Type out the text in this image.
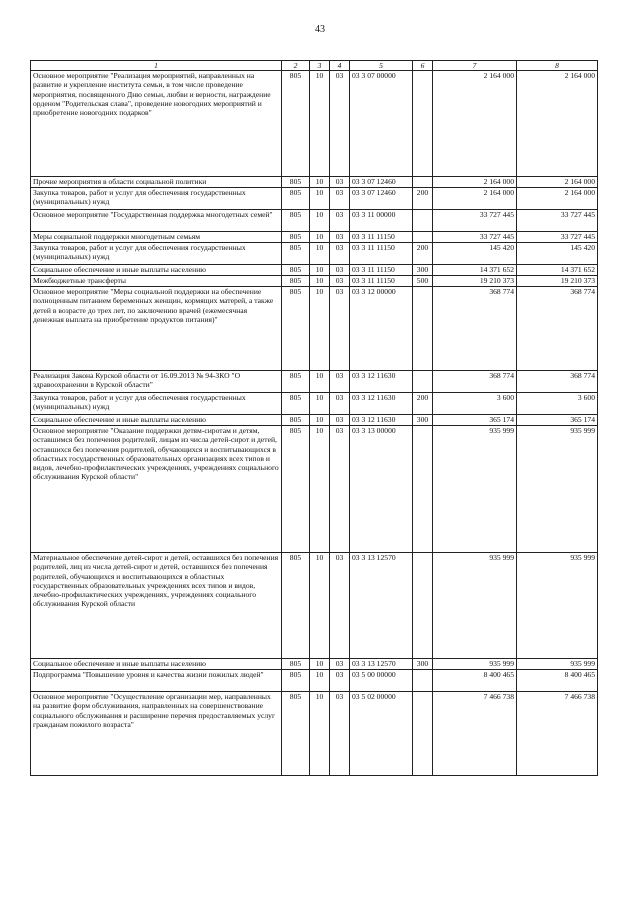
43
1	2	3	4	5	6	7	8
Основное мероприятие "Реализация мероприятий, направленных на развитие и укрепление института семьи, в том числе проведение мероприятия, посвященного Дню семьи, любви и верности, награждение орденом "Родительская слава", проведение новогодних мероприятий и приобретение новогодних подарков"	805	10	03	03 3 07 00000		2 164 000	2 164 000
Прочие мероприятия в области социальной политики	805	10	03	03 3 07 12460		2 164 000	2 164 000
Закупка товаров, работ и услуг для обеспечения государственных (муниципальных) нужд	805	10	03	03 3 07 12460	200	2 164 000	2 164 000
Основное мероприятие "Государственная поддержка многодетных семей"	805	10	03	03 3 11 00000		33 727 445	33 727 445
Меры социальной поддержки многодетным семьям	805	10	03	03 3 11 11150		33 727 445	33 727 445
Закупка товаров, работ и услуг для обеспечения государственных (муниципальных) нужд	805	10	03	03 3 11 11150	200	145 420	145 420
Социальное обеспечение и иные выплаты населению	805	10	03	03 3 11 11150	300	14 371 652	14 371 652
Межбюджетные трансферты	805	10	03	03 3 11 11150	500	19 210 373	19 210 373
Основное мероприятие "Меры социальной поддержки на обеспечение полноценным питанием беременных женщин, кормящих матерей, а также детей в возрасте до трех лет, по заключению врачей (ежемесячная денежная выплата на приобретение продуктов питания)"	805	10	03	03 3 12 00000		368 774	368 774
Реализация Закона Курской области от 16.09.2013 № 94-ЗКО "О здравоохранении в Курской области"	805	10	03	03 3 12 11630		368 774	368 774
Закупка товаров, работ и услуг для обеспечения государственных (муниципальных) нужд	805	10	03	03 3 12 11630	200	3 600	3 600
Социальное обеспечение и иные выплаты населению	805	10	03	03 3 12 11630	300	365 174	365 174
Основное мероприятие "Оказание поддержки детям-сиротам и детям, оставшимся без попечения родителей, лицам из числа детей-сирот и детей, оставшихся без попечения родителей, обучающихся и воспитывающихся в областных государственных образовательных организациях всех типов и видов, лечебно-профилактических учреждениях, учреждениях социального обслуживания Курской области"	805	10	03	03 3 13 00000		935 999	935 999
Материальное обеспечение детей-сирот и детей, оставшихся без попечения родителей, лиц из числа детей-сирот и детей, оставшихся без попечения родителей, обучающихся и воспитывающихся в областных государственных образовательных учреждениях всех типов и видов, лечебно-профилактических учреждениях, учреждениях социального обслуживания Курской области	805	10	03	03 3 13 12570		935 999	935 999
Социальное обеспечение и иные выплаты населению	805	10	03	03 3 13 12570	300	935 999	935 999
Подпрограмма "Повышение уровня и качества жизни пожилых людей"	805	10	03	03 5 00 00000		8 400 465	8 400 465
Основное мероприятие "Осуществление организации мер, направленных на развитие форм обслуживания, направленных на совершенствование социального обслуживания и расширение перечня предоставляемых услуг гражданам пожилого возраста"	805	10	03	03 5 02 00000		7 466 738	7 466 738
